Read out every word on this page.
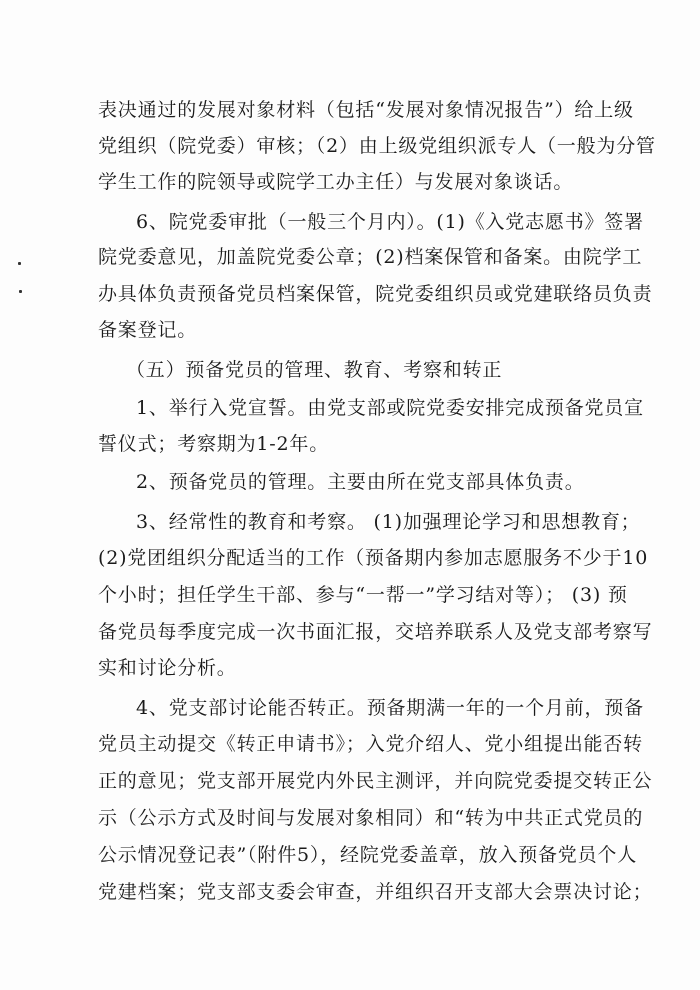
表决通过的发展对象材料（包括“发展对象情况报告”）给上级
党组织（院党委）审核；（2）由上级党组织派专人（一般为分管
学生工作的院领导或院学工办主任）与发展对象谈话。
6、院党委审批（一般三个月内）。(1)《入党志愿书》签署
院党委意见，加盖院党委公章；(2)档案保管和备案。由院学工
办具体负责预备党员档案保管，院党委组织员或党建联络员负责
备案登记。
（五）预备党员的管理、教育、考察和转正
1、举行入党宣誓。由党支部或院党委安排完成预备党员宣
誓仪式；考察期为1-2年。
2、预备党员的管理。主要由所在党支部具体负责。
3、经常性的教育和考察。 (1)加强理论学习和思想教育；
(2)党团组织分配适当的工作（预备期内参加志愿服务不少于10
个小时；担任学生干部、参与“一帮一”学习结对等）； (3) 预
备党员每季度完成一次书面汇报，交培养联系人及党支部考察写
实和讨论分析。
4、党支部讨论能否转正。预备期满一年的一个月前，预备
党员主动提交《转正申请书》；入党介绍人、党小组提出能否转
正的意见；党支部开展党内外民主测评，并向院党委提交转正公
示（公示方式及时间与发展对象相同）和“转为中共正式党员的
公示情况登记表”（附件5），经院党委盖章，放入预备党员个人
党建档案；党支部支委会审查，并组织召开支部大会票决讨论；
